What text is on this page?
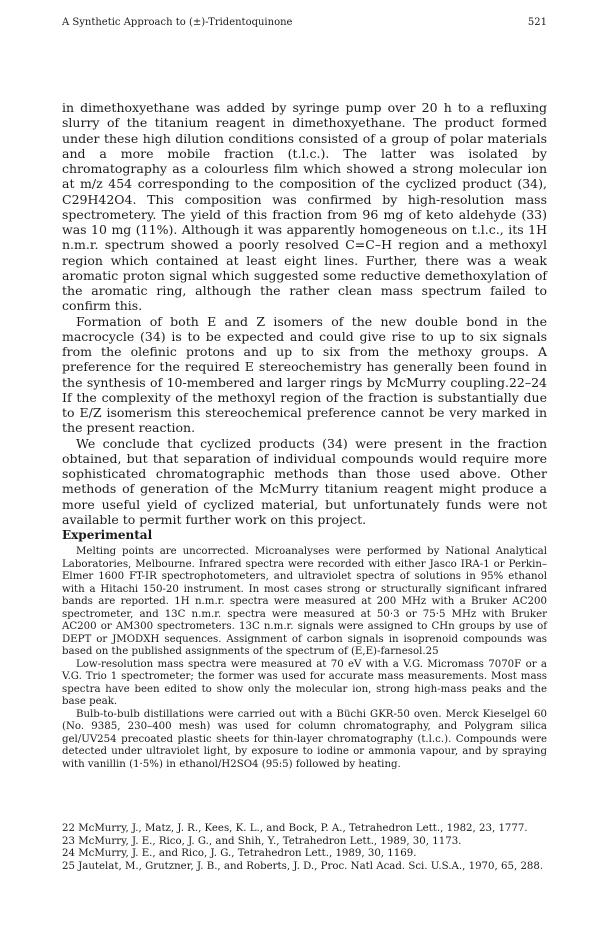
A Synthetic Approach to (±)-Tridentoquinone	521

in dimethoxyethane was added by syringe pump over 20 h to a refluxing slurry of the titanium reagent in dimethoxyethane. The product formed under these high dilution conditions consisted of a group of polar materials and a more mobile fraction (t.l.c.). The latter was isolated by chromatography as a colourless film which showed a strong molecular ion at m/z 454 corresponding to the composition of the cyclized product (34), C29H42O4. This composition was confirmed by high-resolution mass spectrometery. The yield of this fraction from 96 mg of keto aldehyde (33) was 10 mg (11%). Although it was apparently homogeneous on t.l.c., its 1H n.m.r. spectrum showed a poorly resolved C=C–H region and a methoxyl region which contained at least eight lines. Further, there was a weak aromatic proton signal which suggested some reductive demethoxylation of the aromatic ring, although the rather clean mass spectrum failed to confirm this.

Formation of both E and Z isomers of the new double bond in the macrocycle (34) is to be expected and could give rise to up to six signals from the olefinic protons and up to six from the methoxy groups. A preference for the required E stereochemistry has generally been found in the synthesis of 10-membered and larger rings by McMurry coupling.22–24 If the complexity of the methoxyl region of the fraction is substantially due to E/Z isomerism this stereochemical preference cannot be very marked in the present reaction.

We conclude that cyclized products (34) were present in the fraction obtained, but that separation of individual compounds would require more sophisticated chromatographic methods than those used above. Other methods of generation of the McMurry titanium reagent might produce a more useful yield of cyclized material, but unfortunately funds were not available to permit further work on this project.

Experimental

Melting points are uncorrected. Microanalyses were performed by National Analytical Laboratories, Melbourne. Infrared spectra were recorded with either Jasco IRA-1 or Perkin–Elmer 1600 FT-IR spectrophotometers, and ultraviolet spectra of solutions in 95% ethanol with a Hitachi 150-20 instrument. In most cases strong or structurally significant infrared bands are reported. 1H n.m.r. spectra were measured at 200 MHz with a Bruker AC200 spectrometer, and 13C n.m.r. spectra were measured at 50·3 or 75·5 MHz with Bruker AC200 or AM300 spectrometers. 13C n.m.r. signals were assigned to CHn groups by use of DEPT or JMODXH sequences. Assignment of carbon signals in isoprenoid compounds was based on the published assignments of the spectrum of (E,E)-farnesol.25

Low-resolution mass spectra were measured at 70 eV with a V.G. Micromass 7070F or a V.G. Trio 1 spectrometer; the former was used for accurate mass measurements. Most mass spectra have been edited to show only the molecular ion, strong high-mass peaks and the base peak.

Bulb-to-bulb distillations were carried out with a Büchi GKR-50 oven. Merck Kieselgel 60 (No. 9385, 230–400 mesh) was used for column chromatography, and Polygram silica gel/UV254 precoated plastic sheets for thin-layer chromatography (t.l.c.). Compounds were detected under ultraviolet light, by exposure to iodine or ammonia vapour, and by spraying with vanillin (1·5%) in ethanol/H2SO4 (95:5) followed by heating.

22 McMurry, J., Matz, J. R., Kees, K. L., and Bock, P. A., Tetrahedron Lett., 1982, 23, 1777.

23 McMurry, J. E., Rico, J. G., and Shih, Y., Tetrahedron Lett., 1989, 30, 1173.

24 McMurry, J. E., and Rico, J. G., Tetrahedron Lett., 1989, 30, 1169.

25 Jautelat, M., Grutzner, J. B., and Roberts, J. D., Proc. Natl Acad. Sci. U.S.A., 1970, 65, 288.
